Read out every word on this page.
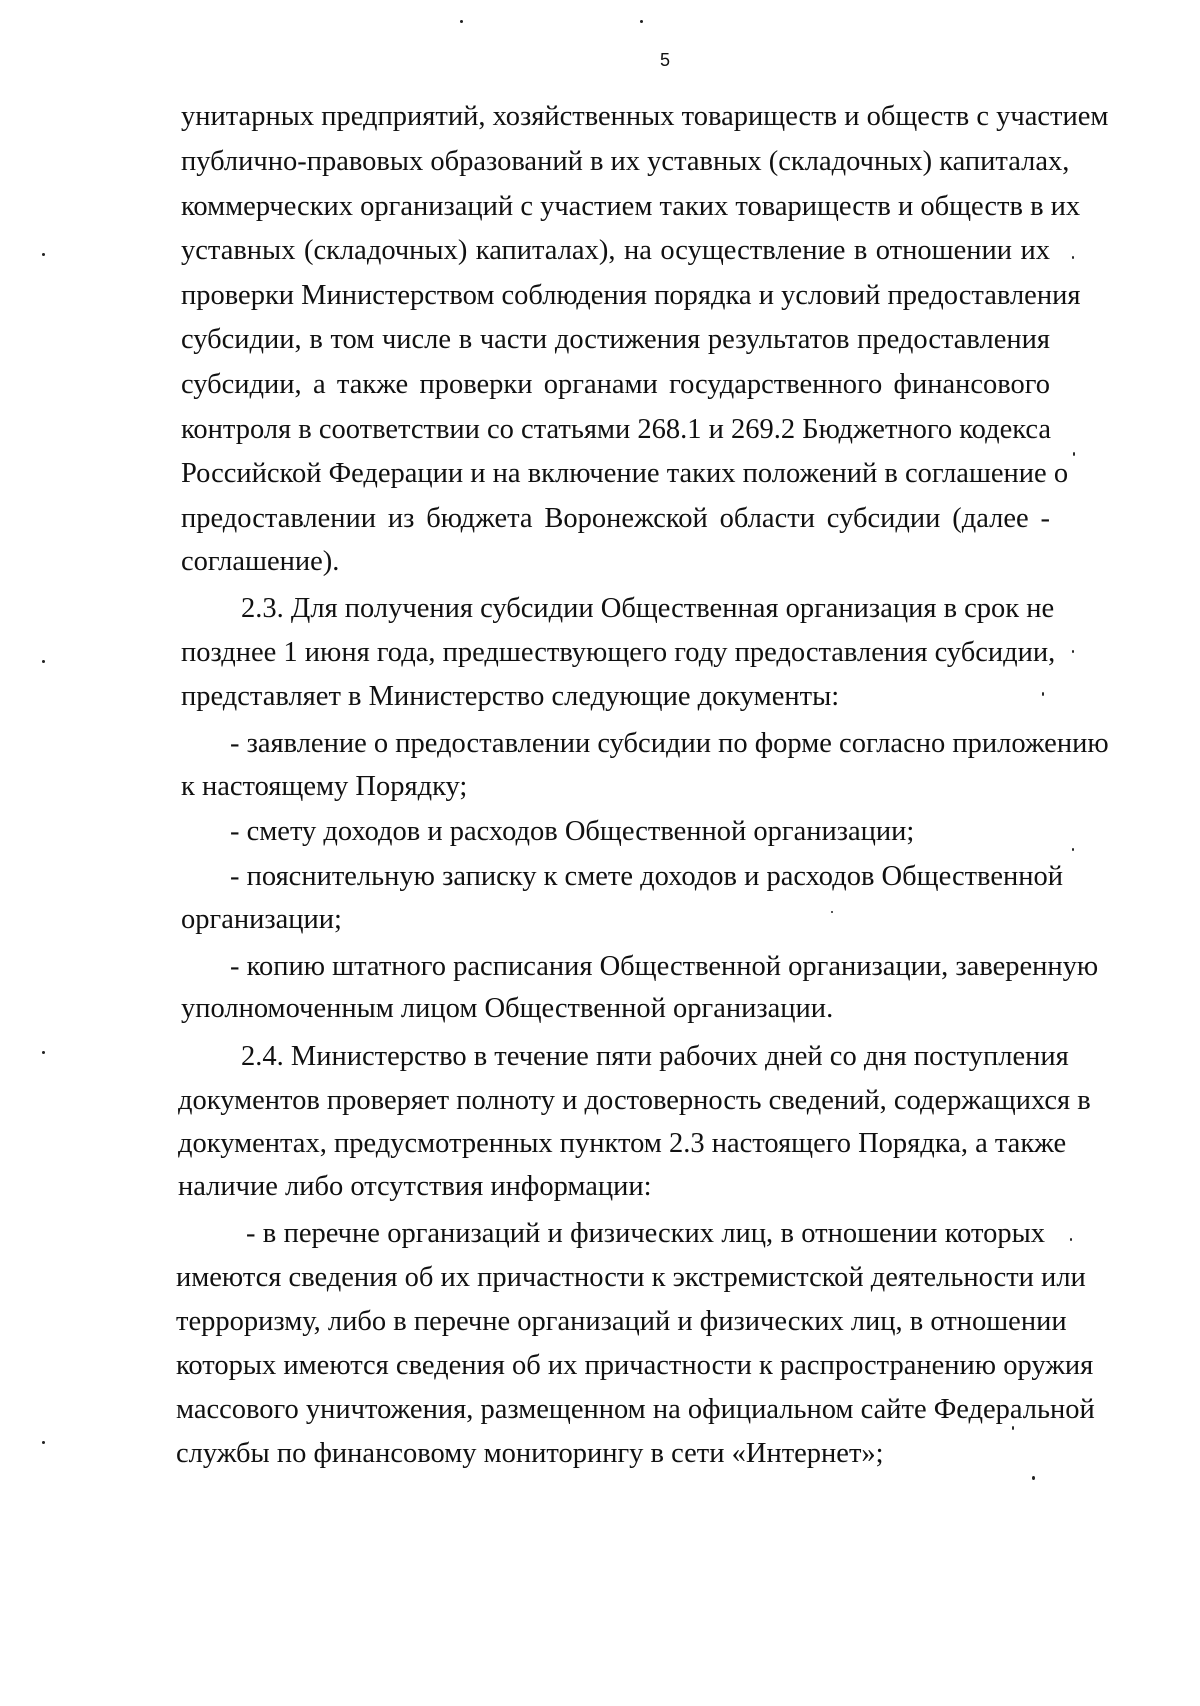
5
унитарных предприятий, хозяйственных товариществ и обществ с участием
публично-правовых образований в их уставных (складочных) капиталах,
коммерческих организаций с участием таких товариществ и обществ в их
уставных (складочных) капиталах), на осуществление в отношении их
проверки Министерством соблюдения порядка и условий предоставления
субсидии, в том числе в части достижения результатов предоставления
субсидии, а также проверки органами государственного финансового
контроля в соответствии со статьями 268.1 и 269.2 Бюджетного кодекса
Российской Федерации и на включение таких положений в соглашение о
предоставлении из бюджета Воронежской области субсидии (далее -
соглашение).
2.3. Для получения субсидии Общественная организация в срок не
позднее 1 июня года, предшествующего году предоставления субсидии,
представляет в Министерство следующие документы:
- заявление о предоставлении субсидии по форме согласно приложению
к настоящему Порядку;
- смету доходов и расходов Общественной организации;
- пояснительную записку к смете доходов и расходов Общественной
организации;
- копию штатного расписания Общественной организации, заверенную
уполномоченным лицом Общественной организации.
2.4. Министерство в течение пяти рабочих дней со дня поступления
документов проверяет полноту и достоверность сведений, содержащихся в
документах, предусмотренных пунктом 2.3 настоящего Порядка, а также
наличие либо отсутствия информации:
- в перечне организаций и физических лиц, в отношении которых
имеются сведения об их причастности к экстремистской деятельности или
терроризму, либо в перечне организаций и физических лиц, в отношении
которых имеются сведения об их причастности к распространению оружия
массового уничтожения, размещенном на официальном сайте Федеральной
службы по финансовому мониторингу в сети «Интернет»;
